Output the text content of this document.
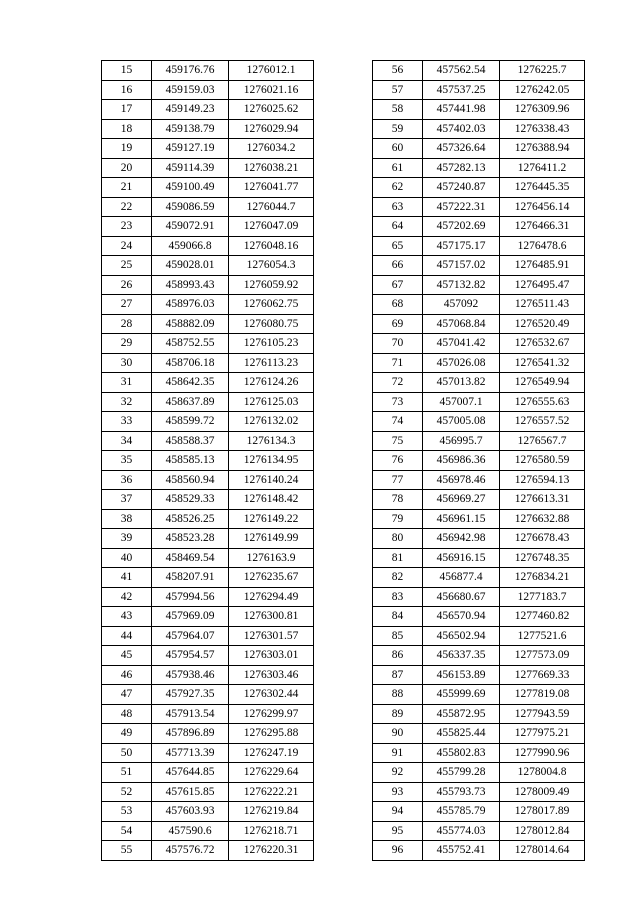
15	459176.76	1276012.1
16	459159.03	1276021.16
17	459149.23	1276025.62
18	459138.79	1276029.94
19	459127.19	1276034.2
20	459114.39	1276038.21
21	459100.49	1276041.77
22	459086.59	1276044.7
23	459072.91	1276047.09
24	459066.8	1276048.16
25	459028.01	1276054.3
26	458993.43	1276059.92
27	458976.03	1276062.75
28	458882.09	1276080.75
29	458752.55	1276105.23
30	458706.18	1276113.23
31	458642.35	1276124.26
32	458637.89	1276125.03
33	458599.72	1276132.02
34	458588.37	1276134.3
35	458585.13	1276134.95
36	458560.94	1276140.24
37	458529.33	1276148.42
38	458526.25	1276149.22
39	458523.28	1276149.99
40	458469.54	1276163.9
41	458207.91	1276235.67
42	457994.56	1276294.49
43	457969.09	1276300.81
44	457964.07	1276301.57
45	457954.57	1276303.01
46	457938.46	1276303.46
47	457927.35	1276302.44
48	457913.54	1276299.97
49	457896.89	1276295.88
50	457713.39	1276247.19
51	457644.85	1276229.64
52	457615.85	1276222.21
53	457603.93	1276219.84
54	457590.6	1276218.71
55	457576.72	1276220.31
56	457562.54	1276225.7
57	457537.25	1276242.05
58	457441.98	1276309.96
59	457402.03	1276338.43
60	457326.64	1276388.94
61	457282.13	1276411.2
62	457240.87	1276445.35
63	457222.31	1276456.14
64	457202.69	1276466.31
65	457175.17	1276478.6
66	457157.02	1276485.91
67	457132.82	1276495.47
68	457092	1276511.43
69	457068.84	1276520.49
70	457041.42	1276532.67
71	457026.08	1276541.32
72	457013.82	1276549.94
73	457007.1	1276555.63
74	457005.08	1276557.52
75	456995.7	1276567.7
76	456986.36	1276580.59
77	456978.46	1276594.13
78	456969.27	1276613.31
79	456961.15	1276632.88
80	456942.98	1276678.43
81	456916.15	1276748.35
82	456877.4	1276834.21
83	456680.67	1277183.7
84	456570.94	1277460.82
85	456502.94	1277521.6
86	456337.35	1277573.09
87	456153.89	1277669.33
88	455999.69	1277819.08
89	455872.95	1277943.59
90	455825.44	1277975.21
91	455802.83	1277990.96
92	455799.28	1278004.8
93	455793.73	1278009.49
94	455785.79	1278017.89
95	455774.03	1278012.84
96	455752.41	1278014.64
